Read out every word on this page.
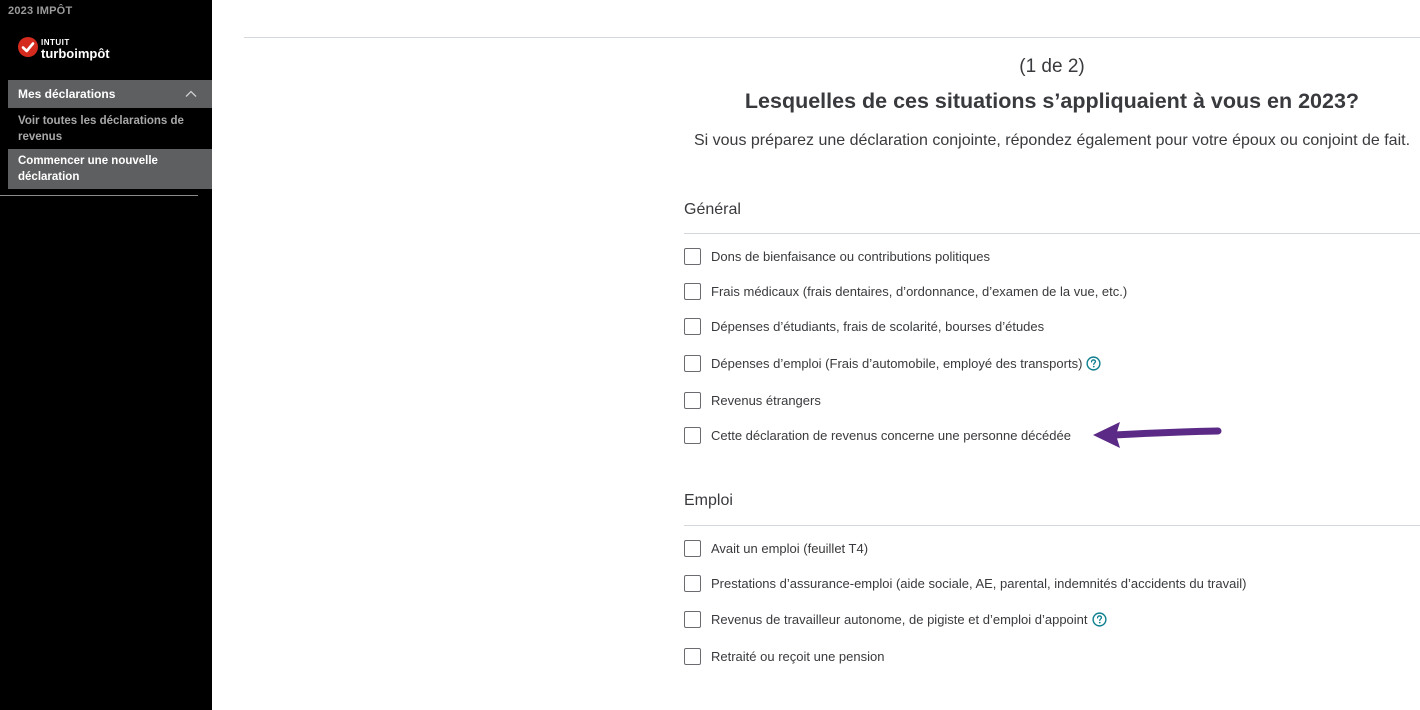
2023 IMPÔT
INTUIT
turboimpôt
Mes déclarations
Voir toutes les déclarations de revenus
Commencer une nouvelle déclaration
(1 de 2)
Lesquelles de ces situations s’appliquaient à vous en 2023?
Si vous préparez une déclaration conjointe, répondez également pour votre époux ou conjoint de fait.
Général
Dons de bienfaisance ou contributions politiques
Frais médicaux (frais dentaires, d’ordonnance, d’examen de la vue, etc.)
Dépenses d’étudiants, frais de scolarité, bourses d’études
Dépenses d’emploi (Frais d’automobile, employé des transports)
Revenus étrangers
Cette déclaration de revenus concerne une personne décédée
Emploi
Avait un emploi (feuillet T4)
Prestations d’assurance-emploi (aide sociale, AE, parental, indemnités d’accidents du travail)
Revenus de travailleur autonome, de pigiste et d’emploi d’appoint
Retraité ou reçoit une pension
